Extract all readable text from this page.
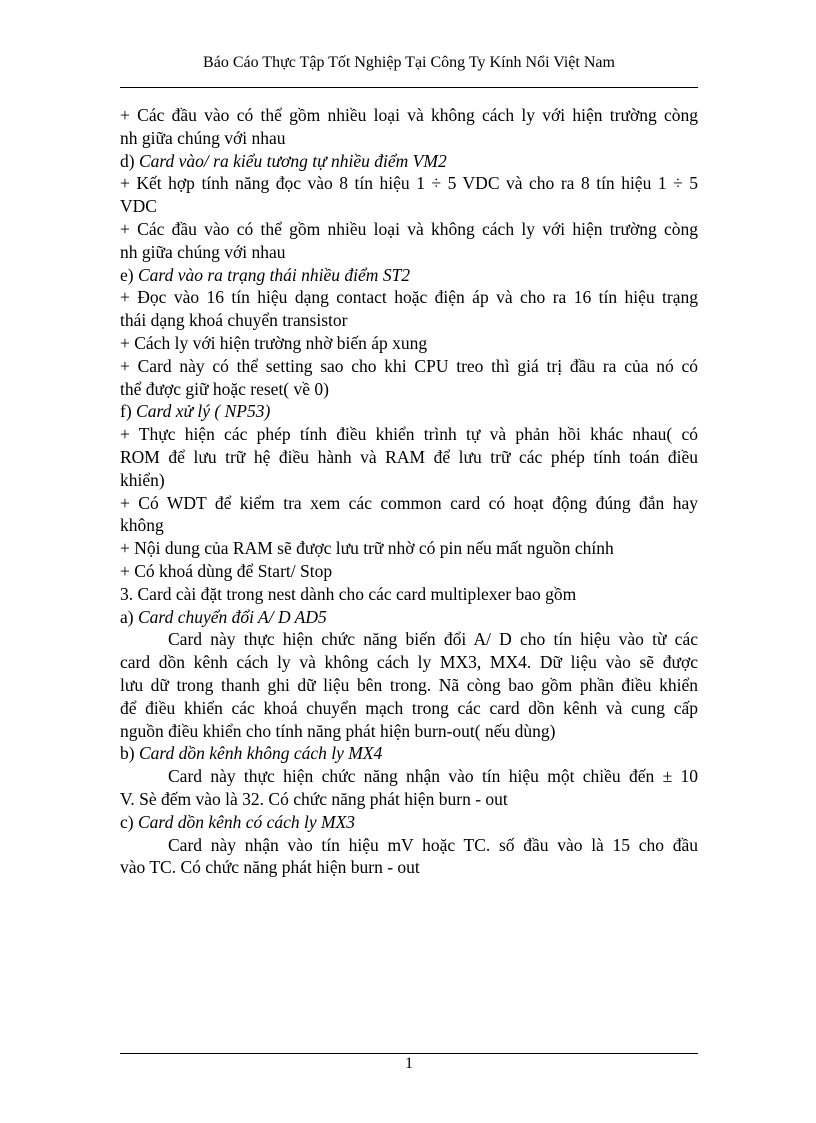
Báo Cáo Thực Tập Tốt Nghiệp Tại Công Ty Kính Nổi Việt Nam
+ Các đầu vào có thể gồm nhiều loại và không cách ly với hiện trường còng
nh giữa chúng với nhau
d) Card vào/ ra kiểu tương tự nhiều điểm VM2
+ Kết hợp tính năng đọc vào 8 tín hiệu 1 ÷ 5 VDC và cho ra 8 tín hiệu 1 ÷ 5
VDC
+ Các đầu vào có thể gồm nhiều loại và không cách ly với hiện trường còng
nh giữa chúng với nhau
e) Card vào ra trạng thái nhiều điểm ST2
+ Đọc vào 16 tín hiệu dạng contact hoặc điện áp và cho ra 16 tín hiệu trạng
thái dạng khoá chuyển transistor
+ Cách ly với hiện trường nhờ biến áp xung
+ Card này có thể setting sao cho khi CPU treo thì giá trị đầu ra của nó có
thể được giữ hoặc reset( về 0)
f) Card xử lý ( NP53)
+ Thực hiện các phép tính điều khiển trình tự và phản hồi khác nhau( có
ROM để lưu trữ hệ điều hành và RAM để lưu trữ các phép tính toán điều
khiển)
+ Có WDT để kiểm tra xem các common card có hoạt động đúng đắn hay
không
+ Nội dung của RAM sẽ được lưu trữ nhờ có pin nếu mất nguồn chính
+ Có khoá dùng để Start/ Stop
3. Card cài đặt trong nest dành cho các card multiplexer bao gồm
a) Card chuyển đổi A/ D AD5
Card này thực hiện chức năng biến đổi A/ D cho tín hiệu vào từ các
card dồn kênh cách ly và không cách ly MX3, MX4. Dữ liệu vào sẽ được
lưu dữ trong thanh ghi dữ liệu bên trong. Nã còng bao gồm phần điều khiển
để điều khiển các khoá chuyển mạch trong các card dồn kênh và cung cấp
nguồn điều khiển cho tính năng phát hiện burn-out( nếu dùng)
b) Card dồn kênh không cách ly MX4
Card này thực hiện chức năng nhận vào tín hiệu một chiều đến ± 10
V. Sè đếm vào là 32. Có chức năng phát hiện burn - out
c) Card dồn kênh có cách ly MX3
Card này nhận vào tín hiệu mV hoặc TC. số đầu vào là 15 cho đầu
vào TC. Có chức năng phát hiện burn - out
1
